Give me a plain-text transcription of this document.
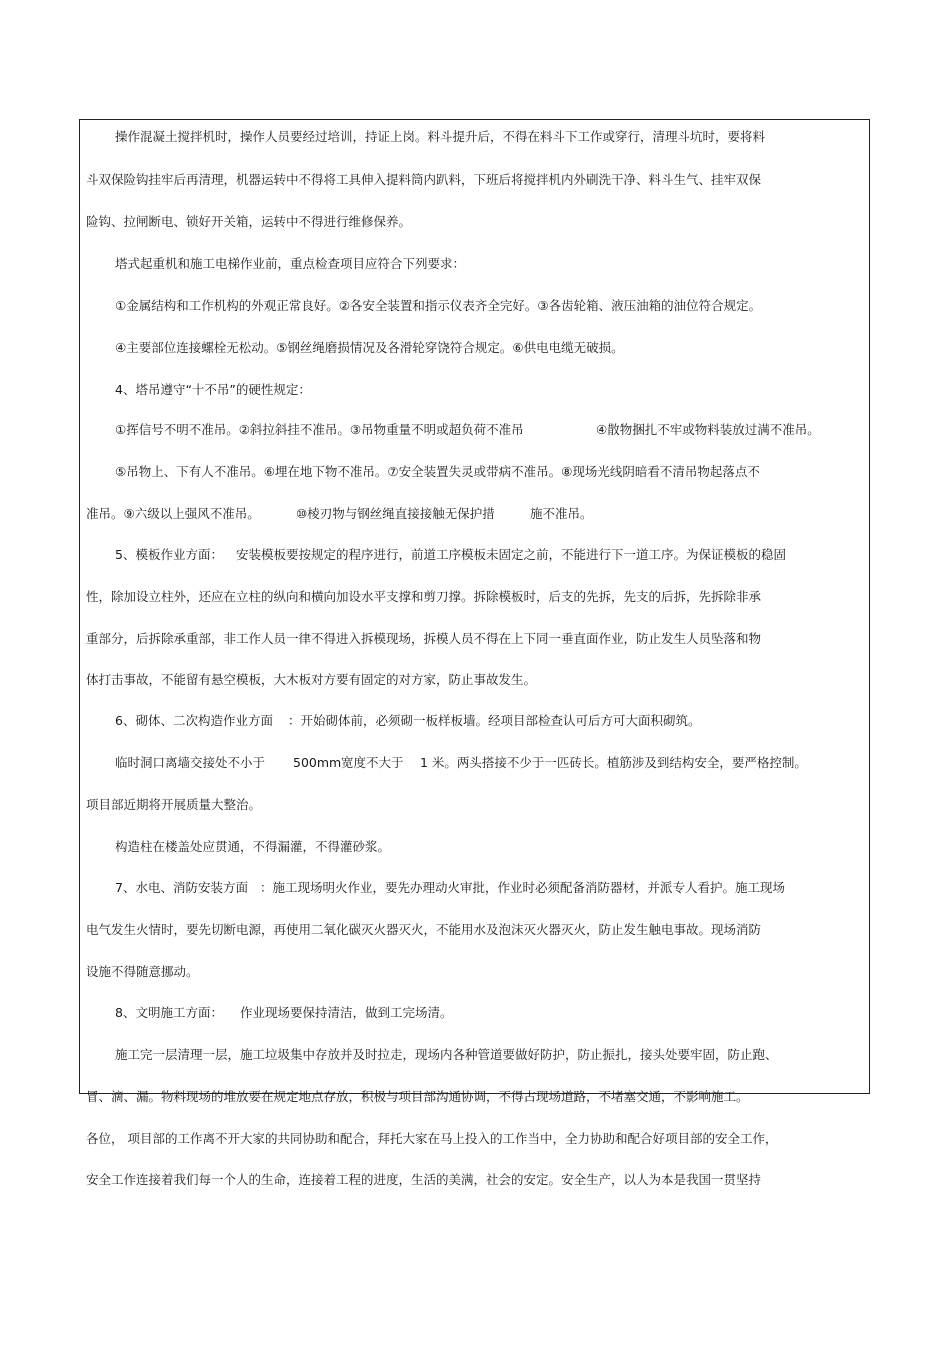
操作混凝土搅拌机时，操作人员要经过培训，持证上岗。料斗提升后，不得在料斗下工作或穿行，清理斗坑时，要将料
斗双保险钩挂牢后再清理，机器运转中不得将工具伸入提料筒内趴料，下班后将搅拌机内外刷洗干净、料斗生气、挂牢双保
险钩、拉闸断电、锁好开关箱，运转中不得进行维修保养。
塔式起重机和施工电梯作业前，重点检查项目应符合下列要求：
①金属结构和工作机构的外观正常良好。②各安全装置和指示仪表齐全完好。③各齿轮箱、液压油箱的油位符合规定。
④主要部位连接螺栓无松动。⑤钢丝绳磨损情况及各滑轮穿饶符合规定。⑥供电电缆无破损。
4、塔吊遵守“十不吊”的硬性规定：
①挥信号不明不准吊。②斜拉斜挂不准吊。③吊物重量不明或超负荷不准吊	④散物捆扎不牢或物料装放过满不准吊。
⑤吊物上、下有人不准吊。⑥埋在地下物不准吊。⑦安全装置失灵或带病不准吊。⑧现场光线阴暗看不清吊物起落点不
准吊。⑨六级以上强风不准吊。	⑩棱刃物与钢丝绳直接接触无保护措	施不准吊。
5、模板作业方面： 安装模板要按规定的程序进行，前道工序模板未固定之前，不能进行下一道工序。为保证模板的稳固
性，除加设立柱外，还应在立柱的纵向和横向加设水平支撑和剪刀撑。拆除模板时，后支的先拆，先支的后拆，先拆除非承
重部分，后拆除承重部，非工作人员一律不得进入拆模现场，拆模人员不得在上下同一垂直面作业，防止发生人员坠落和物
体打击事故，不能留有悬空模板，大木板对方要有固定的对方家，防止事故发生。
6、砌体、二次构造作业方面 ：开始砌体前，必须砌一板样板墙。经项目部检查认可后方可大面积砌筑。
临时洞口离墙交接处不小于 500mm 宽度不大于 1 米。两头搭接不少于一匹砖长。植筋涉及到结构安全，要严格控制。
项目部近期将开展质量大整治。
构造柱在楼盖处应贯通，不得漏灌，不得灌砂浆。
7、水电、消防安装方面 ：施工现场明火作业，要先办理动火审批，作业时必须配备消防器材，并派专人看护。施工现场
电气发生火情时，要先切断电源，再使用二氧化碳灭火器灭火，不能用水及泡沫灭火器灭火，防止发生触电事故。现场消防
设施不得随意挪动。
8、文明施工方面： 作业现场要保持清洁，做到工完场清。
施工完一层清理一层，施工垃圾集中存放并及时拉走，现场内各种管道要做好防护，防止振扎，接头处要牢固，防止跑、
冒、滴、漏。物料现场的堆放要在规定地点存放，积极与项目部沟通协调，不得占现场道路，不堵塞交通，不影响施工。
各位， 项目部的工作离不开大家的共同协助和配合，拜托大家在马上投入的工作当中，全力协助和配合好项目部的安全工作，
安全工作连接着我们每一个人的生命，连接着工程的进度，生活的美满，社会的安定。安全生产，以人为本是我国一贯坚持
